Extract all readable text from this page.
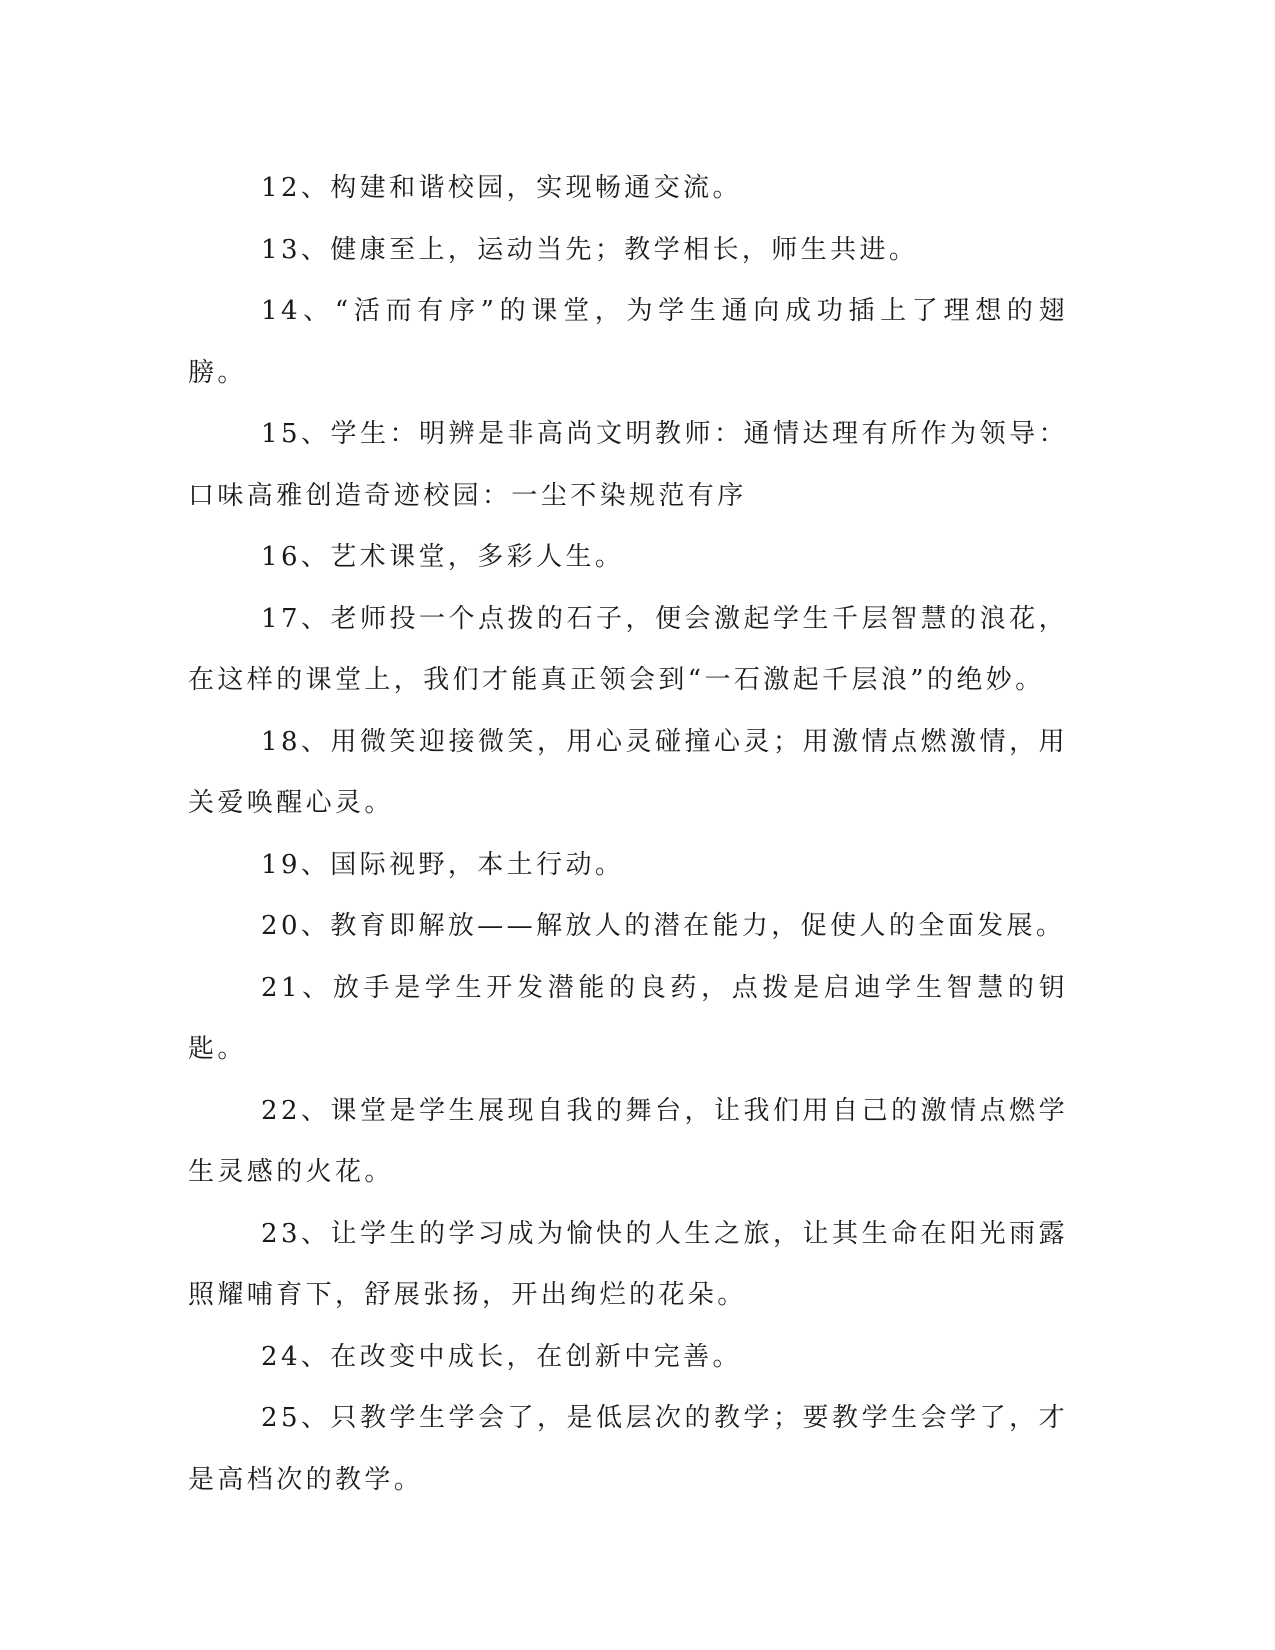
12、构建和谐校园，实现畅通交流。

13、健康至上，运动当先；教学相长，师生共进。

14、“活而有序”的课堂，为学生通向成功插上了理想的翅膀。

15、学生：明辨是非高尚文明教师：通情达理有所作为领导：口味高雅创造奇迹校园：一尘不染规范有序

16、艺术课堂，多彩人生。

17、老师投一个点拨的石子，便会激起学生千层智慧的浪花，在这样的课堂上，我们才能真正领会到“一石激起千层浪”的绝妙。

18、用微笑迎接微笑，用心灵碰撞心灵；用激情点燃激情，用关爱唤醒心灵。

19、国际视野，本土行动。

20、教育即解放——解放人的潜在能力，促使人的全面发展。

21、放手是学生开发潜能的良药，点拨是启迪学生智慧的钥匙。

22、课堂是学生展现自我的舞台，让我们用自己的激情点燃学生灵感的火花。

23、让学生的学习成为愉快的人生之旅，让其生命在阳光雨露照耀哺育下，舒展张扬，开出绚烂的花朵。

24、在改变中成长，在创新中完善。

25、只教学生学会了，是低层次的教学；要教学生会学了，才是高档次的教学。
